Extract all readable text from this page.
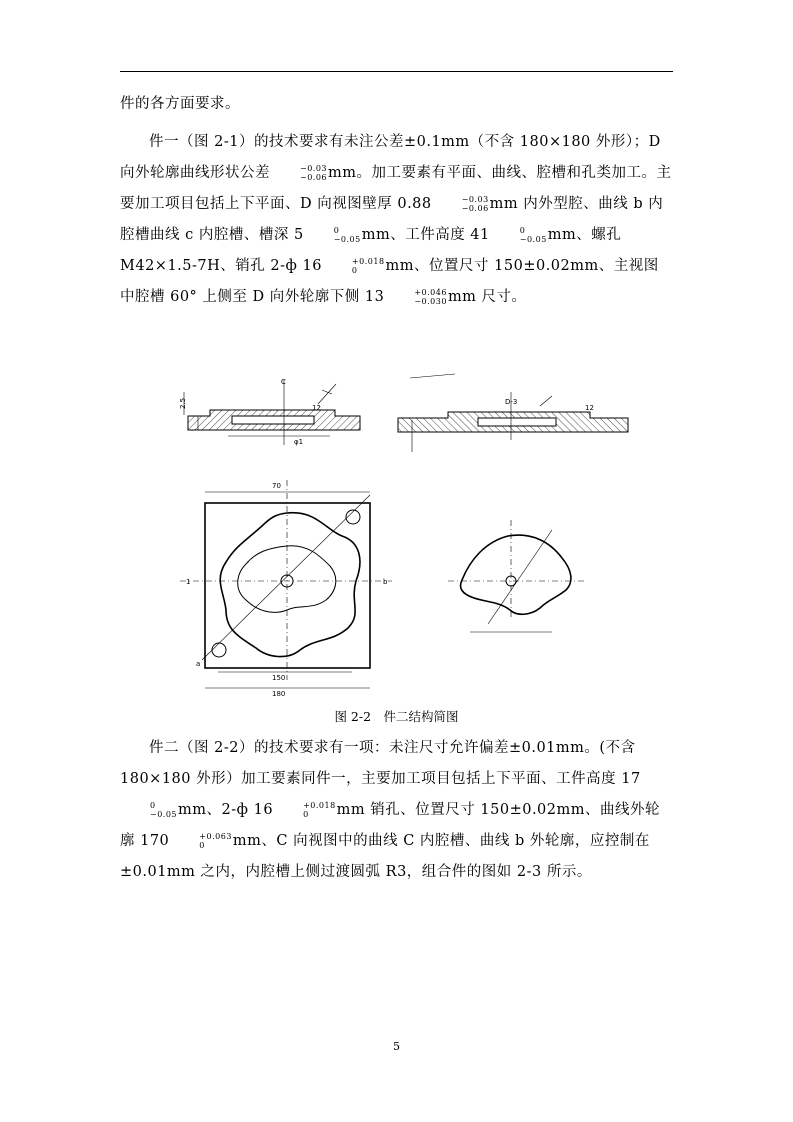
件的各方面要求。

件一（图 2-1）的技术要求有未注公差±0.1mm（不含 180×180 外形）；D 向外轮廓曲线形状公差	−0.03
−0.06 mm。加工要素有平面、曲线、腔槽和孔类加工。主要加工项目包括上下平面、D 向视图壁厚 0.88	−0.03
−0.06 mm 内外型腔、曲线 b 内腔槽曲线 c 内腔槽、槽深 5	0
−0.05 mm、工件高度 41	0
−0.05 mm、螺孔 M42×1.5-7H、销孔 2-ф 16	+0.018
0	mm、位置尺寸 150±0.02mm、主视图中腔槽 60° 上侧至 D 向外轮廓下侧 13	+0.046
−0.030 mm 尺寸。

φ1
C
2.5	12
D-3
12
70
150
180
1	b
a
图 2-2　件二结构简图

件二（图 2-2）的技术要求有一项：未注尺寸允许偏差±0.01mm。(不含 180×180 外形）加工要素同件一，主要加工项目包括上下平面、工件高度 17
0
−0.05 mm、2-ф 16	+0.018
0	mm 销孔、位置尺寸 150±0.02mm、曲线外轮廓 170	+0.063
0	mm、C 向视图中的曲线 C 内腔槽、曲线 b 外轮廓，应控制在±0.01mm 之内，内腔槽上侧过渡圆弧 R3，组合件的图如 2-3 所示。

5
